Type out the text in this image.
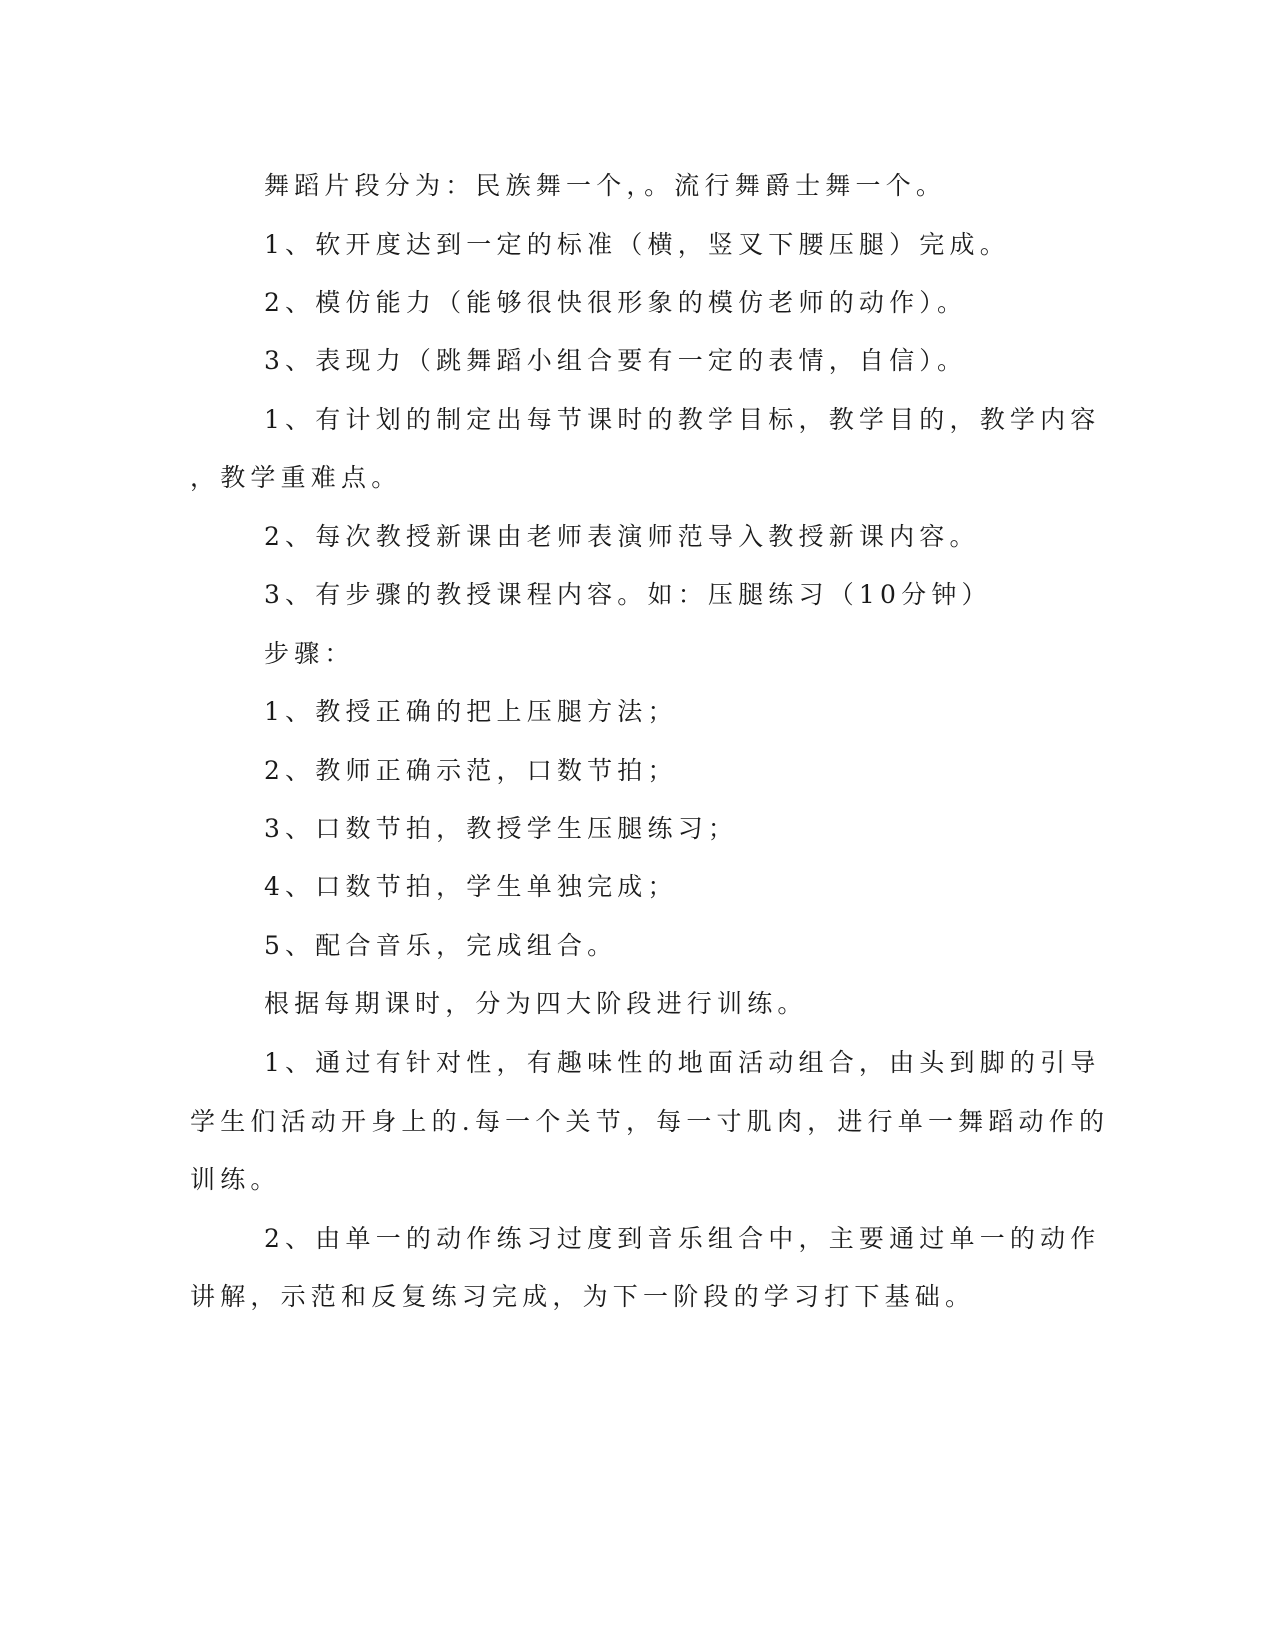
舞蹈片段分为：民族舞一个，。流行舞爵士舞一个。
1、软开度达到一定的标准（横，竖叉下腰压腿）完成。
2、模仿能力（能够很快很形象的模仿老师的动作）。
3、表现力（跳舞蹈小组合要有一定的表情，自信）。
1、有计划的制定出每节课时的教学目标，教学目的，教学内容
，教学重难点。
2、每次教授新课由老师表演师范导入教授新课内容。
3、有步骤的教授课程内容。如：压腿练习（10分钟）
步骤：
1、教授正确的把上压腿方法；
2、教师正确示范，口数节拍；
3、口数节拍，教授学生压腿练习；
4、口数节拍，学生单独完成；
5、配合音乐，完成组合。
根据每期课时，分为四大阶段进行训练。
1、通过有针对性，有趣味性的地面活动组合，由头到脚的引导
学生们活动开身上的.每一个关节，每一寸肌肉，进行单一舞蹈动作的
训练。
2、由单一的动作练习过度到音乐组合中，主要通过单一的动作
讲解，示范和反复练习完成，为下一阶段的学习打下基础。
